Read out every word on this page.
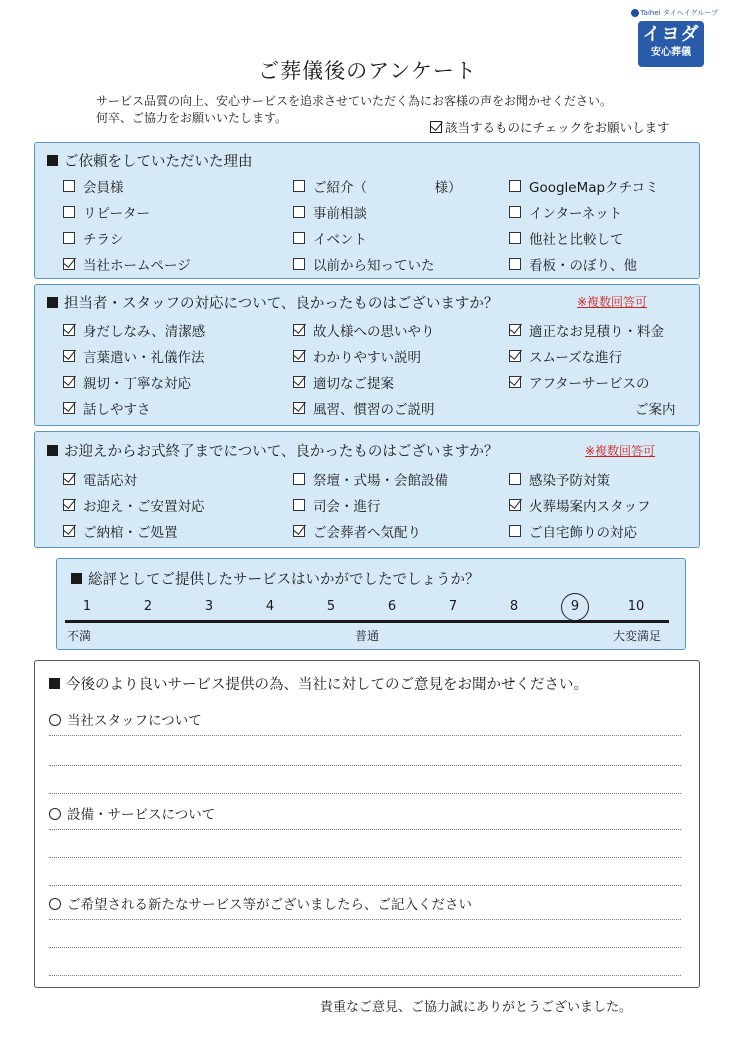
Taihei タイヘイグループ
イヨダ
安心葬儀
ご葬儀後のアンケート
サービス品質の向上、安心サービスを追求させていただく為にお客様の声をお聞かせください。
何卒、ご協力をお願いいたします。
該当するものにチェックをお願いします
ご依頼をしていただいた理由
会員様	ご紹介（　　　　　様）	GoogleMapクチコミ
リピーター	事前相談	インターネット
チラシ	イベント	他社と比較して
当社ホームページ	以前から知っていた	看板・のぼり、他
担当者・スタッフの対応について、良かったものはございますか？	※複数回答可
身だしなみ、清潔感	故人様への思いやり	適正なお見積り・料金
言葉遣い・礼儀作法	わかりやすい説明	スムーズな進行
親切・丁寧な対応	適切なご提案	アフターサービスの
話しやすさ	風習、慣習のご説明	ご案内
お迎えからお式終了までについて、良かったものはございますか？	※複数回答可
電話応対	祭壇・式場・会館設備	感染予防対策
お迎え・ご安置対応	司会・進行	火葬場案内スタッフ
ご納棺・ご処置	ご会葬者へ気配り	ご自宅飾りの対応
総評としてご提供したサービスはいかがでしたでしょうか？
1	2	3	4	5	6	7	8	9	10
不満	普通	大変満足
今後のより良いサービス提供の為、当社に対してのご意見をお聞かせください。
当社スタッフについて
設備・サービスについて
ご希望される新たなサービス等がございましたら、ご記入ください
貴重なご意見、ご協力誠にありがとうございました。
